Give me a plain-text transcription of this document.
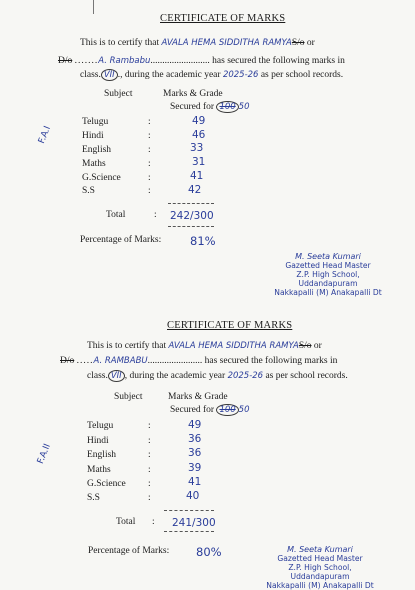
CERTIFICATE OF MARKS
This is to certify that AVALA HEMA SIDDITHA RAMYAS/o or
D/o .......A. Rambabu......................... has secured the following marks in
class. VII ., during the academic year 2025-26 as per school records.
F.A.I
Subject	Marks & Grade
Secured for 100 50
Telugu	:	49
Hindi	:	46
English	:	33
Maths	:	31
G.Science	:	41
S.S	:	42
Total	: 242/300
Percentage of Marks:	81%
M. Seeta Kumari
Gazetted Head Master
Z.P. High School, Uddandapuram
Nakkapalli (M) Anakapalli Dt
CERTIFICATE OF MARKS
This is to certify that AVALA HEMA SIDDITHA RAMYAS/o or
D/o .....A. RAMBABU....................... has secured the following marks in
class. VII , during the academic year 2025-26 as per school records.
F.A.II
Subject	Marks & Grade
Secured for 100 50
Telugu	:	49
Hindi	:	36
English	:	36
Maths	:	39
G.Science :	41
S.S	:	40
Total : 241/300
Percentage of Marks: 80%	M. Seeta Kumari
Gazetted Head Master
Z.P. High School, Uddandapuram
Nakkapalli (M) Anakapalli Dt
